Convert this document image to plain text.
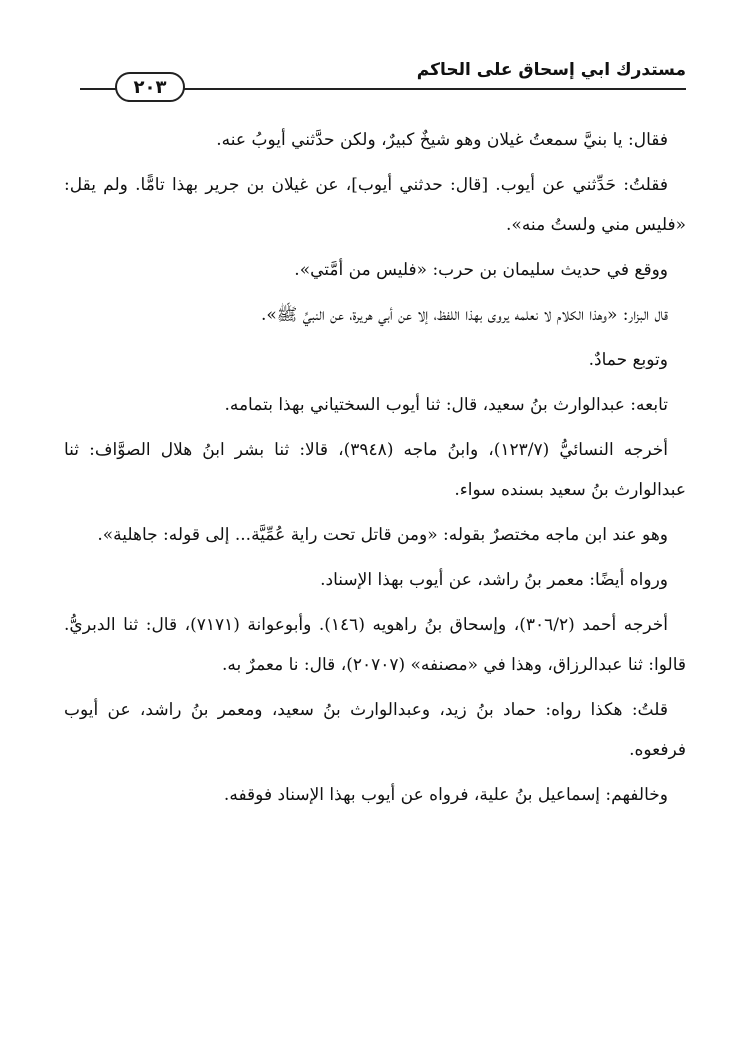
مستدرك ابي إسحاق على الحاكم
٢٠٣

فقال: يا بنيَّ سمعتُ غيلان وهو شيخٌ كبيرٌ، ولكن حدَّثني أيوبُ عنه.

فقلتُ: حَدِّثني عن أيوب. [قال: حدثني أيوب]، عن غيلان بن جرير بهذا تامًّا. ولم يقل: «فليس مني ولستُ منه».

ووقع في حديث سليمان بن حرب: «فليس من أمَّتي».

قال البزار: «وهذا الكلام لا نعلمه يروى بهذا اللفظ، إلا عن أبي هريرة، عن النبيِّ ﷺ».

وتوبع حمادٌ.

تابعه: عبدالوارث بنُ سعيد، قال: ثنا أيوب السختياني بهذا بتمامه.

أخرجه النسائيُّ (١٢٣/٧)، وابنُ ماجه (٣٩٤٨)، قالا: ثنا بشر ابنُ هلال الصوَّاف: ثنا عبدالوارث بنُ سعيد بسنده سواء.

وهو عند ابن ماجه مختصرٌ بقوله: «ومن قاتل تحت راية عُمِّيَّة... إلى قوله: جاهلية».

ورواه أيضًا: معمر بنُ راشد، عن أيوب بهذا الإسناد.

أخرجه أحمد (٣٠٦/٢)، وإسحاق بنُ راهويه (١٤٦). وأبوعوانة (٧١٧١)، قال: ثنا الدبريُّ. قالوا: ثنا عبدالرزاق، وهذا في «مصنفه» (٢٠٧٠٧)، قال: نا معمرٌ به.

قلتُ: هكذا رواه: حماد بنُ زيد، وعبدالوارث بنُ سعيد، ومعمر بنُ راشد، عن أيوب فرفعوه.

وخالفهم: إسماعيل بنُ علية، فرواه عن أيوب بهذا الإسناد فوقفه.
